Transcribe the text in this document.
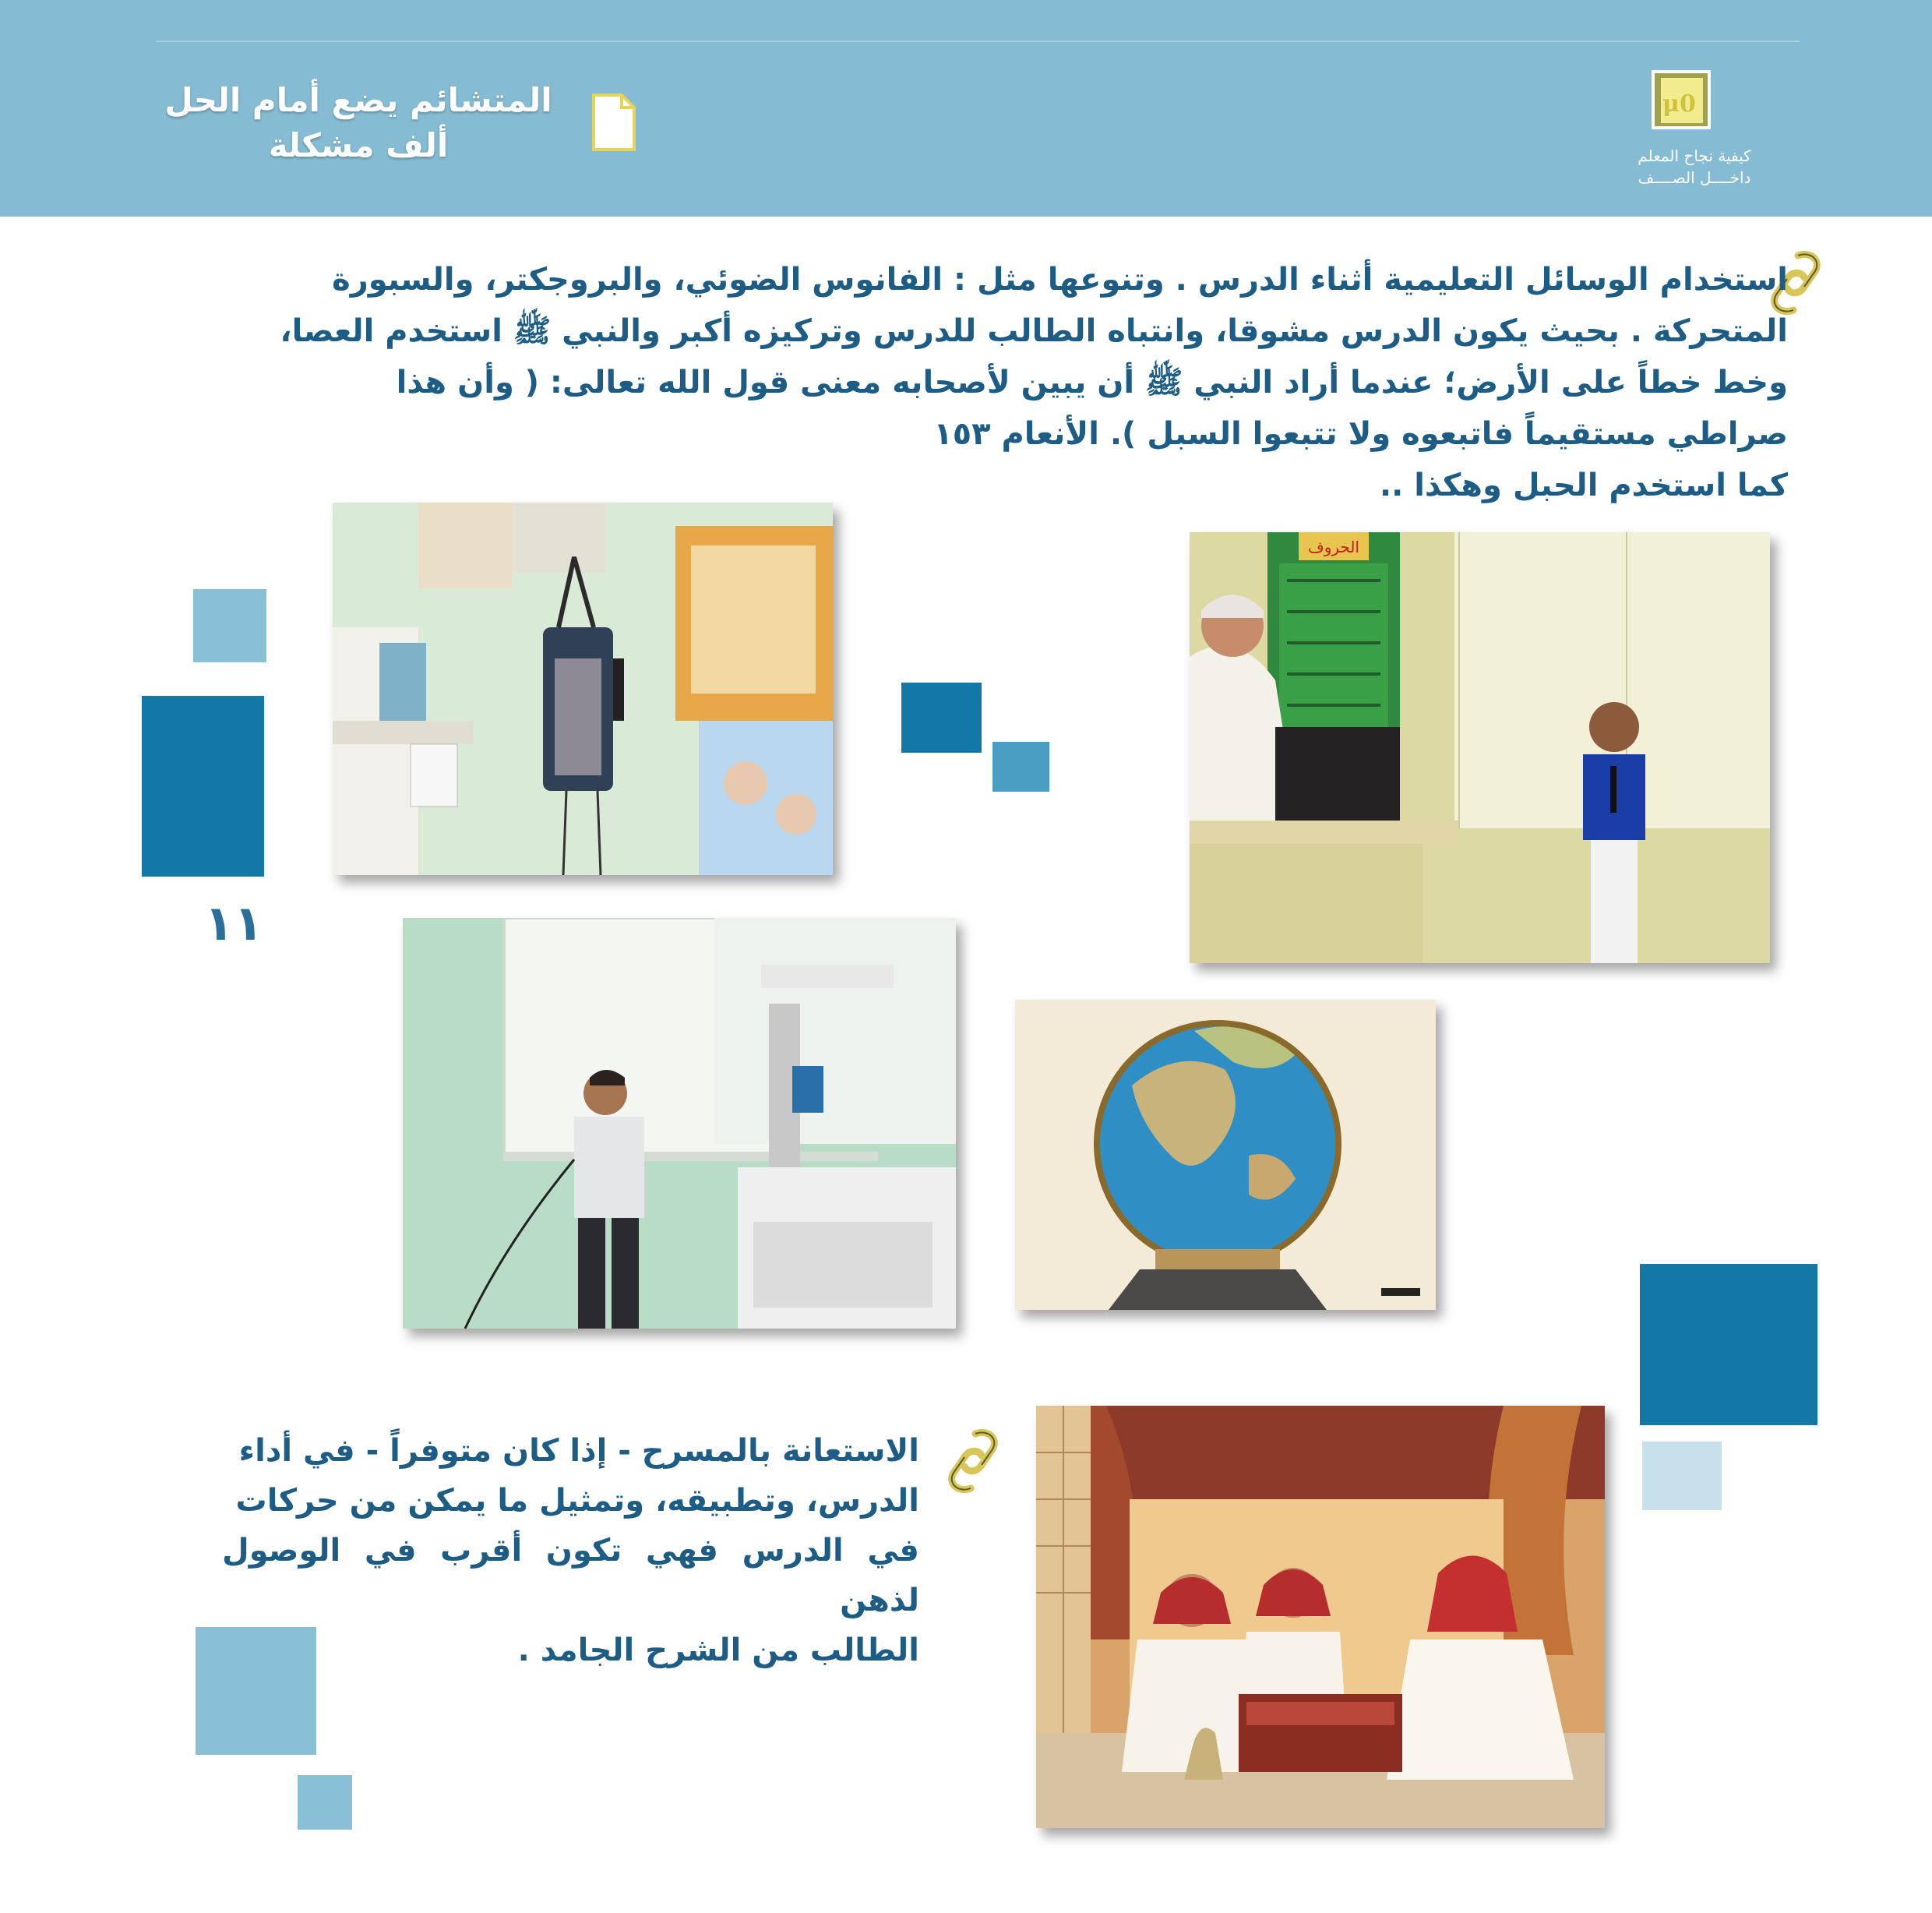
المتشائم يضع أمام الحل
ألف مشكلة
μ0
كيفية نجاح المعلم
داخــــل الصــــف

استخدام الوسائل التعليمية أثناء الدرس . وتنوعها مثل : الفانوس الضوئي، والبروجكتر، والسبورة

المتحركة . بحيث يكون الدرس مشوقا، وانتباه الطالب للدرس وتركيزه أكبر والنبي ﷺ استخدم العصا،

وخط خطاً على الأرض؛ عندما أراد النبي ﷺ أن يبين لأصحابه معنى قول الله تعالى: ( وأن هذا

صراطي مستقيماً فاتبعوه ولا تتبعوا السبل ). الأنعام ١٥٣

كما استخدم الحبل وهكذا ..

١١
الحروف

الاستعانة بالمسرح - إذا كان متوفراً - في أداء

الدرس، وتطبيقه، وتمثيل ما يمكن من حركات

في الدرس فهي تكون أقرب في الوصول لذهن

الطالب من الشرح الجامد .
